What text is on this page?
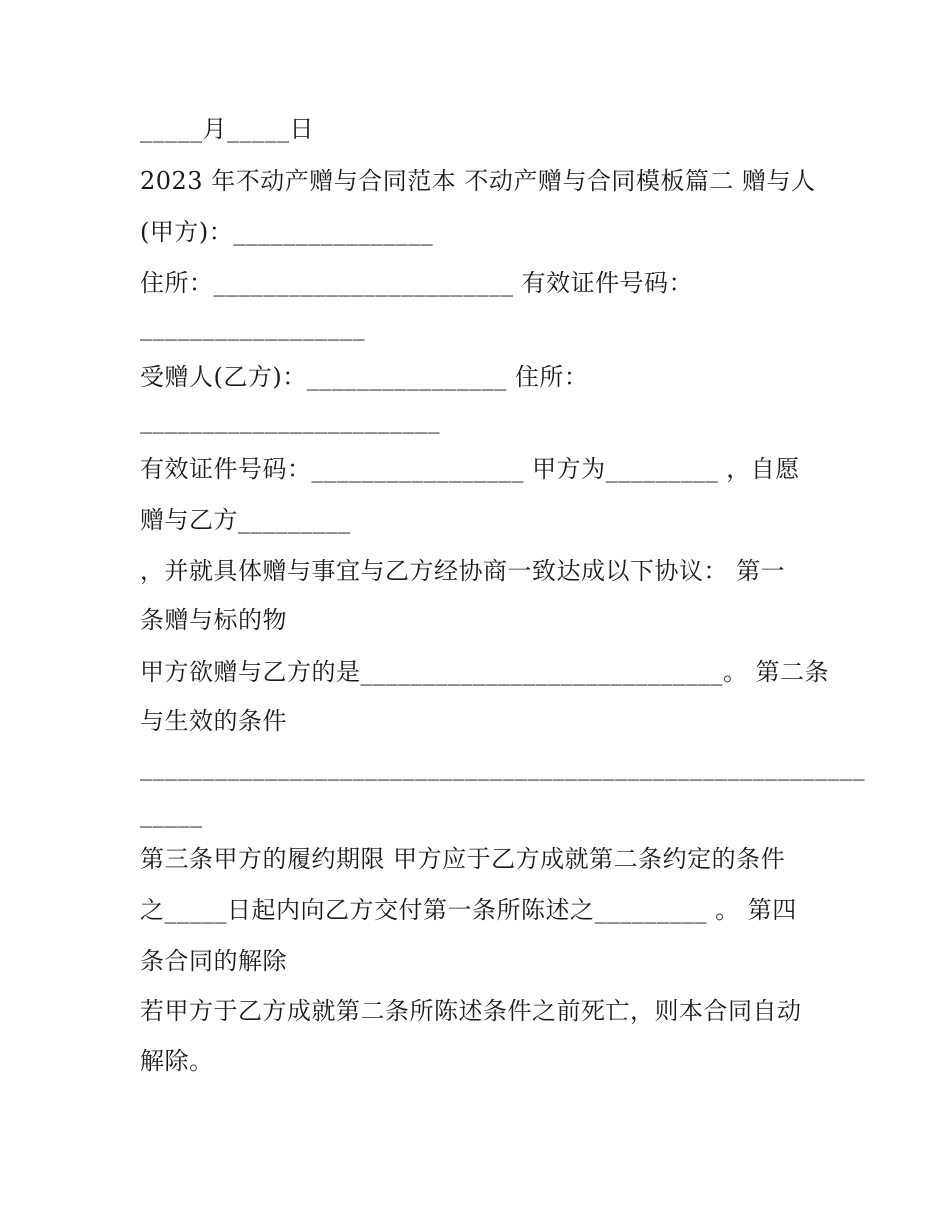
_____月_____日
2023 年不动产赠与合同范本 不动产赠与合同模板篇二 赠与人
(甲方)：________________
住所：________________________ 有效证件号码：
__________________
受赠人(乙方)：________________ 住所：
________________________
有效证件号码：_________________ 甲方为_________ ，自愿
赠与乙方_________
，并就具体赠与事宜与乙方经协商一致达成以下协议： 第一
条赠与标的物
甲方欲赠与乙方的是_____________________________。 第二条
与生效的条件
__________________________________________________________
_____
第三条甲方的履约期限 甲方应于乙方成就第二条约定的条件
之_____日起内向乙方交付第一条所陈述之_________ 。 第四
条合同的解除
若甲方于乙方成就第二条所陈述条件之前死亡，则本合同自动
解除。
